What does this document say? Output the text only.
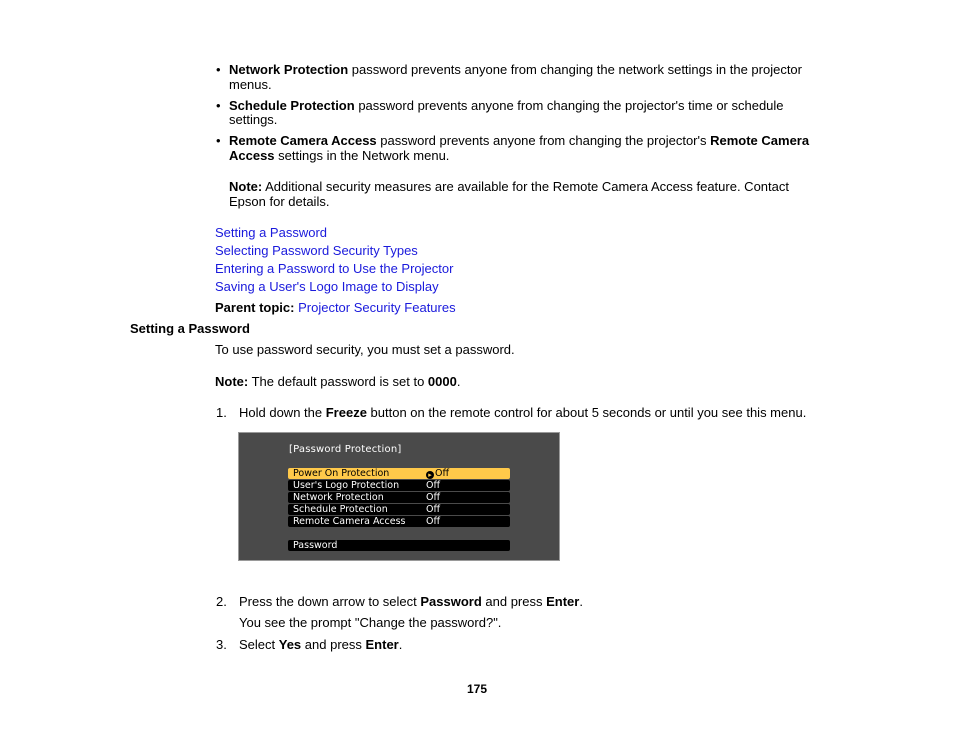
• Network Protection password prevents anyone from changing the network settings in the projector
menus.
• Schedule Protection password prevents anyone from changing the projector's time or schedule
settings.
• Remote Camera Access password prevents anyone from changing the projector's Remote Camera
Access settings in the Network menu.
Note: Additional security measures are available for the Remote Camera Access feature. Contact
Epson for details.
Setting a Password
Selecting Password Security Types
Entering a Password to Use the Projector
Saving a User's Logo Image to Display
Parent topic: Projector Security Features
Setting a Password
To use password security, you must set a password.
Note: The default password is set to 0000.
1. Hold down the Freeze button on the remote control for about 5 seconds or until you see this menu.
[Password Protection]
Power On Protection	▸ Off
User's Logo Protection	Off
Network Protection	Off
Schedule Protection	Off
Remote Camera Access Off
Password
2. Press the down arrow to select Password and press Enter.
You see the prompt "Change the password?".
3. Select Yes and press Enter.
175
